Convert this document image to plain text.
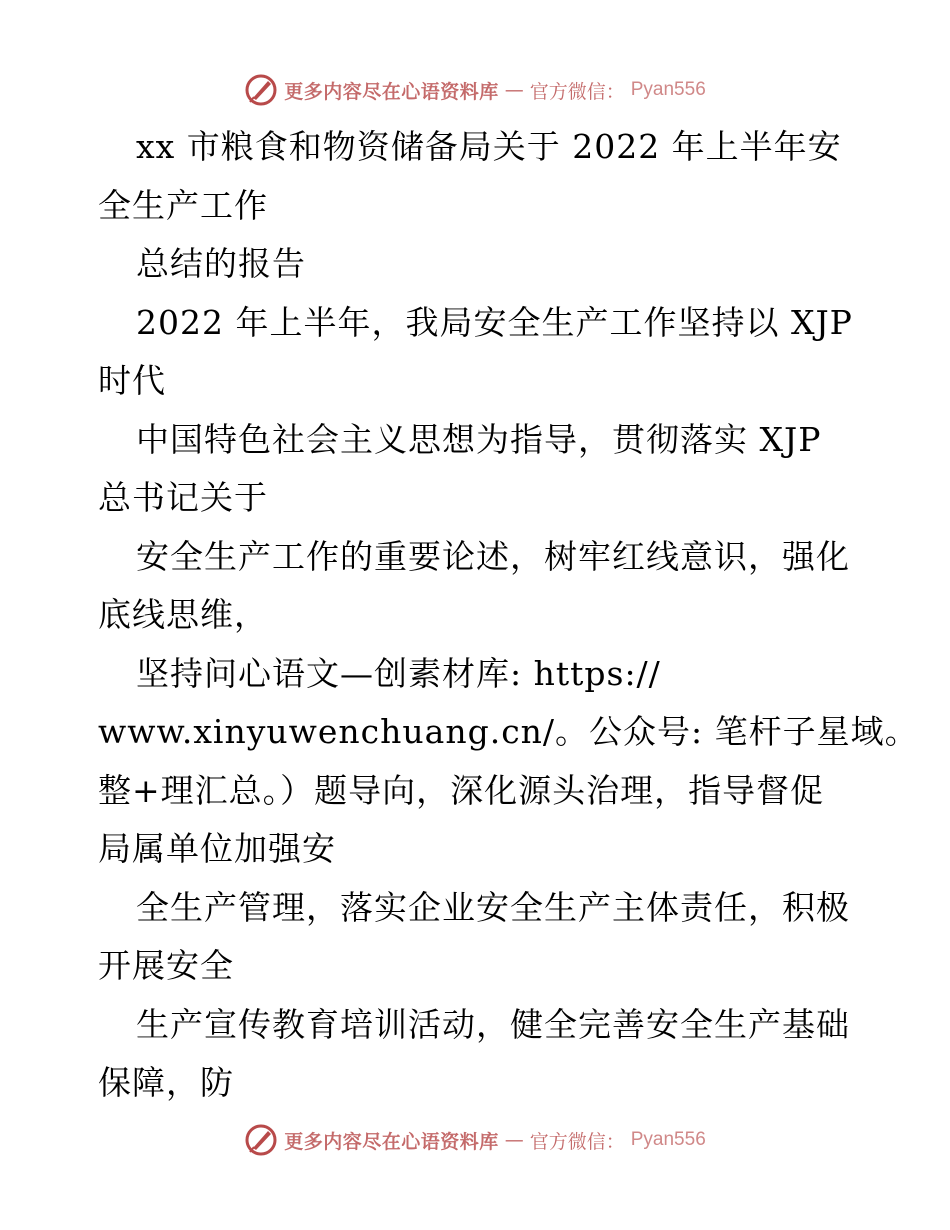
更多内容尽在心语资料库 — 官方微信： Pyan556
xx 市粮食和物资储备局关于 2022 年上半年安
全生产工作
总结的报告
2022 年上半年，我局安全生产工作坚持以 XJP
时代
中国特色社会主义思想为指导，贯彻落实 XJP
总书记关于
安全生产工作的重要论述，树牢红线意识，强化
底线思维，
坚持问心语文—创素材库: https://
www.xinyuwenchuang.cn/。公众号: 笔杆子星域。
整+理汇总。）题导向，深化源头治理，指导督促
局属单位加强安
全生产管理，落实企业安全生产主体责任，积极
开展安全
生产宣传教育培训活动，健全完善安全生产基础
保障，防
更多内容尽在心语资料库 — 官方微信： Pyan556
